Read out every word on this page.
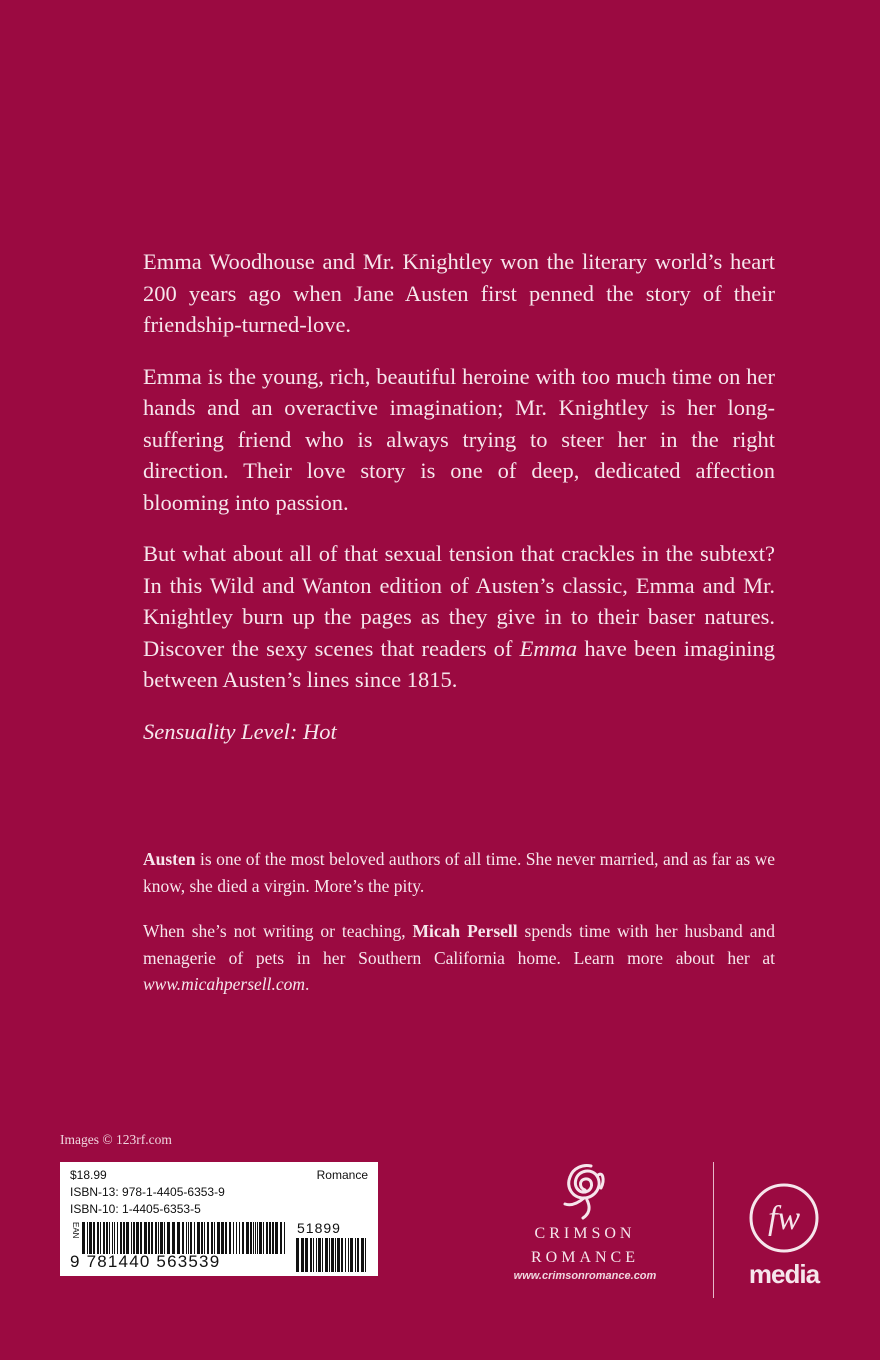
Emma Woodhouse and Mr. Knightley won the literary world’s heart 200 years ago when Jane Austen first penned the story of their friendship-turned-love.

Emma is the young, rich, beautiful heroine with too much time on her hands and an overactive imagination; Mr. Knightley is her long-suffering friend who is always trying to steer her in the right direction. Their love story is one of deep, dedicated affection blooming into passion.

But what about all of that sexual tension that crackles in the subtext? In this Wild and Wanton edition of Austen’s classic, Emma and Mr. Knightley burn up the pages as they give in to their baser natures. Discover the sexy scenes that readers of Emma have been imagining between Austen’s lines since 1815.

Sensuality Level: Hot

Austen is one of the most beloved authors of all time. She never married, and as far as we know, she died a virgin. More’s the pity.

When she’s not writing or teaching, Micah Persell spends time with her husband and menagerie of pets in her Southern California home. Learn more about her at www.micahpersell.com.

Images © 123rf.com
$18.99	Romance
ISBN-13: 978-1-4405-6353-9
ISBN-10: 1-4405-6353-5
EAN	51899
9 781440 563539
CRIMSON
ROMANCE
www.crimsonromance.com
fw
media
